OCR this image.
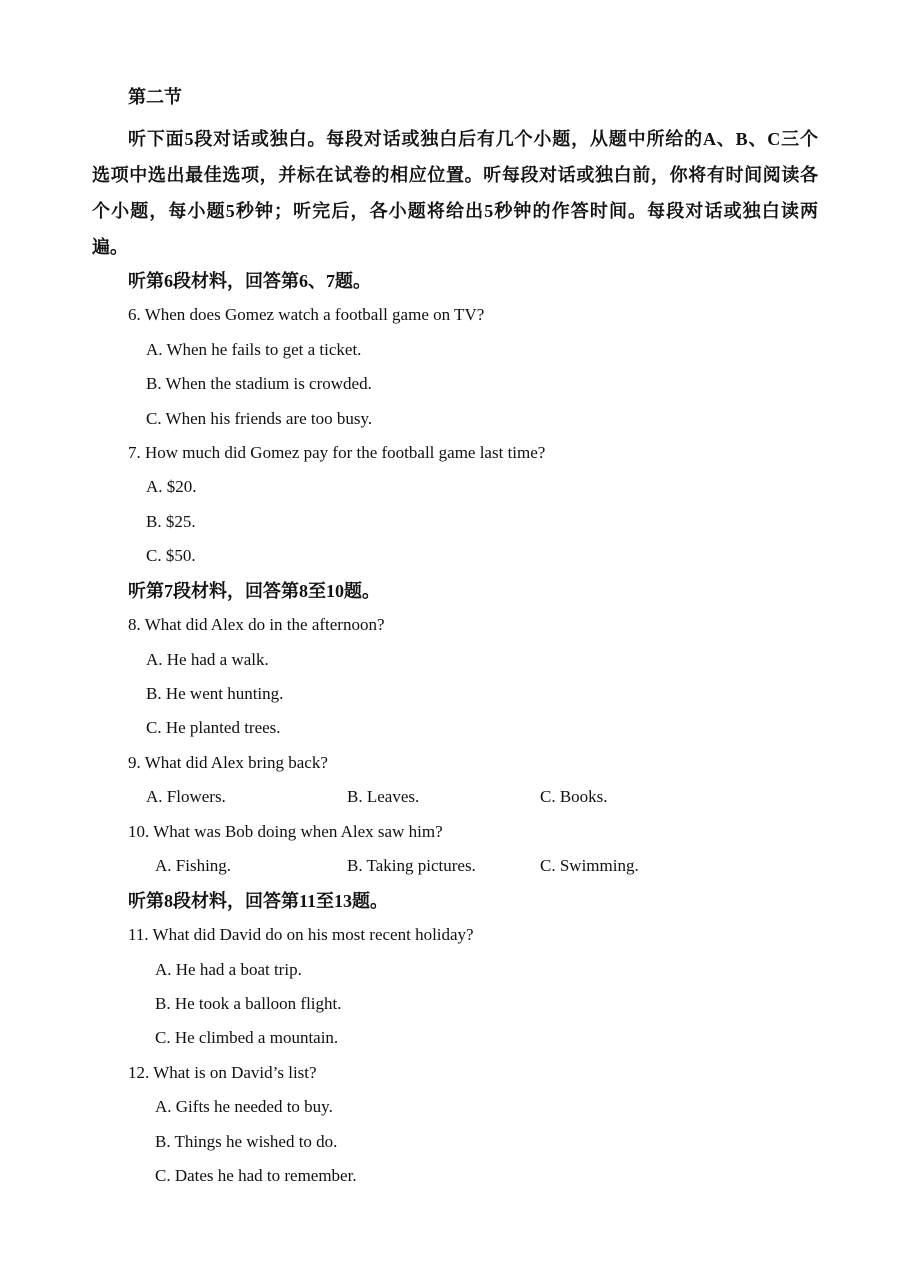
第二节
听下面5段对话或独白。每段对话或独白后有几个小题，从题中所给的A、B、C三个
选项中选出最佳选项，并标在试卷的相应位置。听每段对话或独白前，你将有时间阅读各
个小题，每小题5秒钟；听完后，各小题将给出5秒钟的作答时间。每段对话或独白读两
遍。
听第6段材料，回答第6、7题。
6. When does Gomez watch a football game on TV?
A. When he fails to get a ticket.
B. When the stadium is crowded.
C. When his friends are too busy.
7. How much did Gomez pay for the football game last time?
A. $20.
B. $25.
C. $50.
听第7段材料，回答第8至10题。
8. What did Alex do in the afternoon?
A. He had a walk.
B. He went hunting.
C. He planted trees.
9. What did Alex bring back?
A. Flowers.	B. Leaves.	C. Books.
10. What was Bob doing when Alex saw him?
A. Fishing.	B. Taking pictures.	C. Swimming.
听第8段材料，回答第11至13题。
11. What did David do on his most recent holiday?
A. He had a boat trip.
B. He took a balloon flight.
C. He climbed a mountain.
12. What is on David’s list?
A. Gifts he needed to buy.
B. Things he wished to do.
C. Dates he had to remember.
